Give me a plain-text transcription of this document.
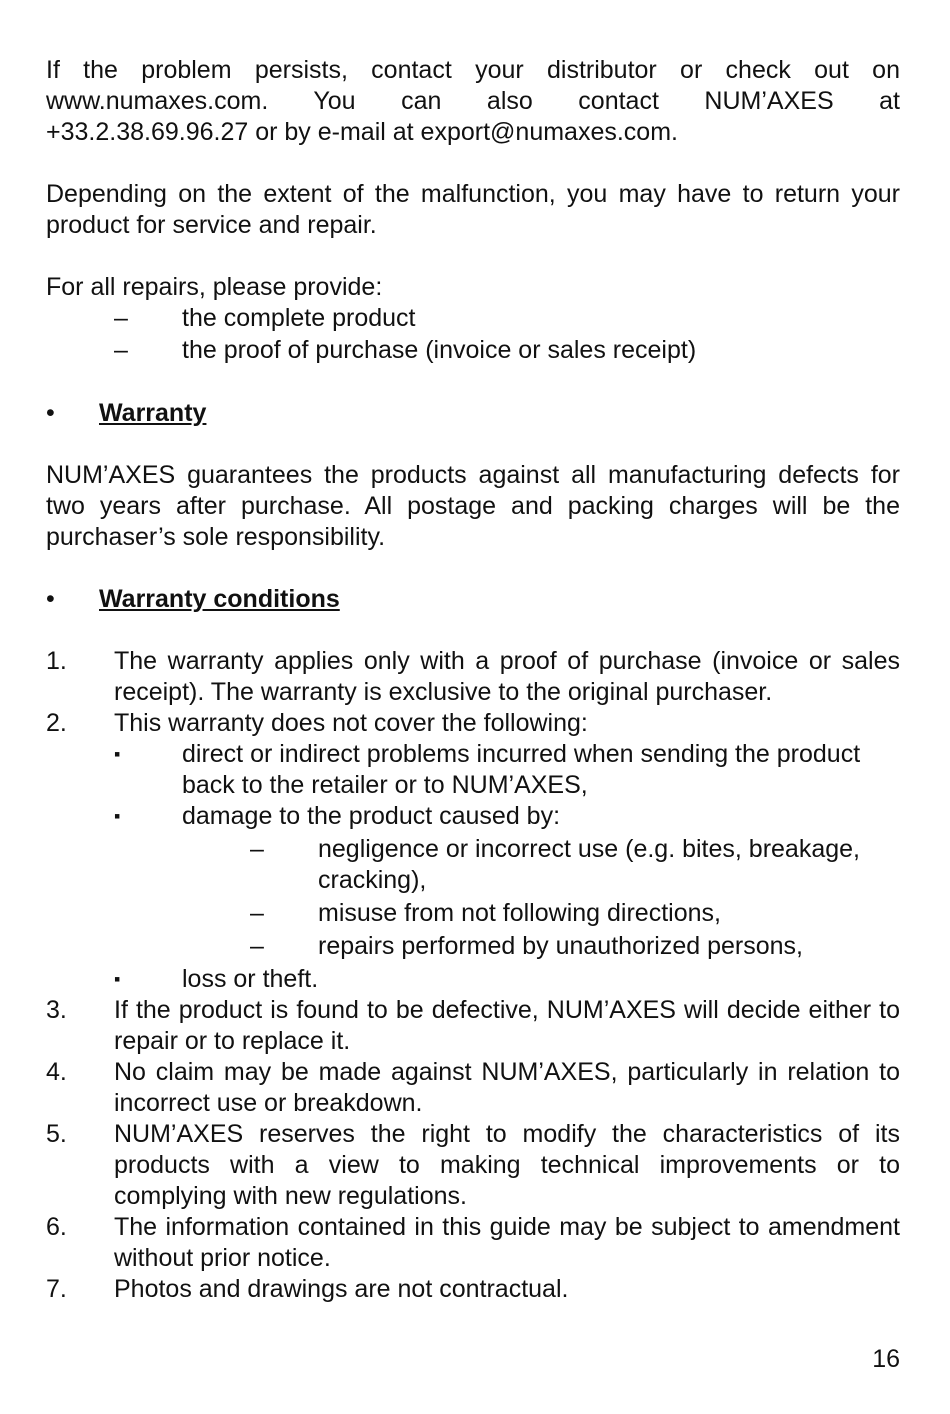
If the problem persists, contact your distributor or check out on

www.numaxes.com. You can also contact NUM’AXES at

+33.2.38.69.96.27 or by e-mail at export@numaxes.com.

Depending on the extent of the malfunction, you may have to return your product for service and repair.

For all repairs, please provide:

– the complete product
– the proof of purchase (invoice or sales receipt)
• Warranty

NUM’AXES guarantees the products against all manufacturing defects for two years after purchase. All postage and packing charges will be the purchaser’s sole responsibility.

• Warranty conditions
1. The warranty applies only with a proof of purchase (invoice or sales receipt). The warranty is exclusive to the original purchaser.
2. This warranty does not cover the following:
▪ direct or indirect problems incurred when sending the product back to the retailer or to NUM’AXES,
▪ damage to the product caused by:
– negligence or incorrect use (e.g. bites, breakage, cracking),
– misuse from not following directions,
– repairs performed by unauthorized persons,
▪ loss or theft.
3. If the product is found to be defective, NUM’AXES will decide either to repair or to replace it.
4. No claim may be made against NUM’AXES, particularly in relation to incorrect use or breakdown.
5. NUM’AXES reserves the right to modify the characteristics of its products with a view to making technical improvements or to complying with new regulations.
6. The information contained in this guide may be subject to amendment without prior notice.
7. Photos and drawings are not contractual.
16
